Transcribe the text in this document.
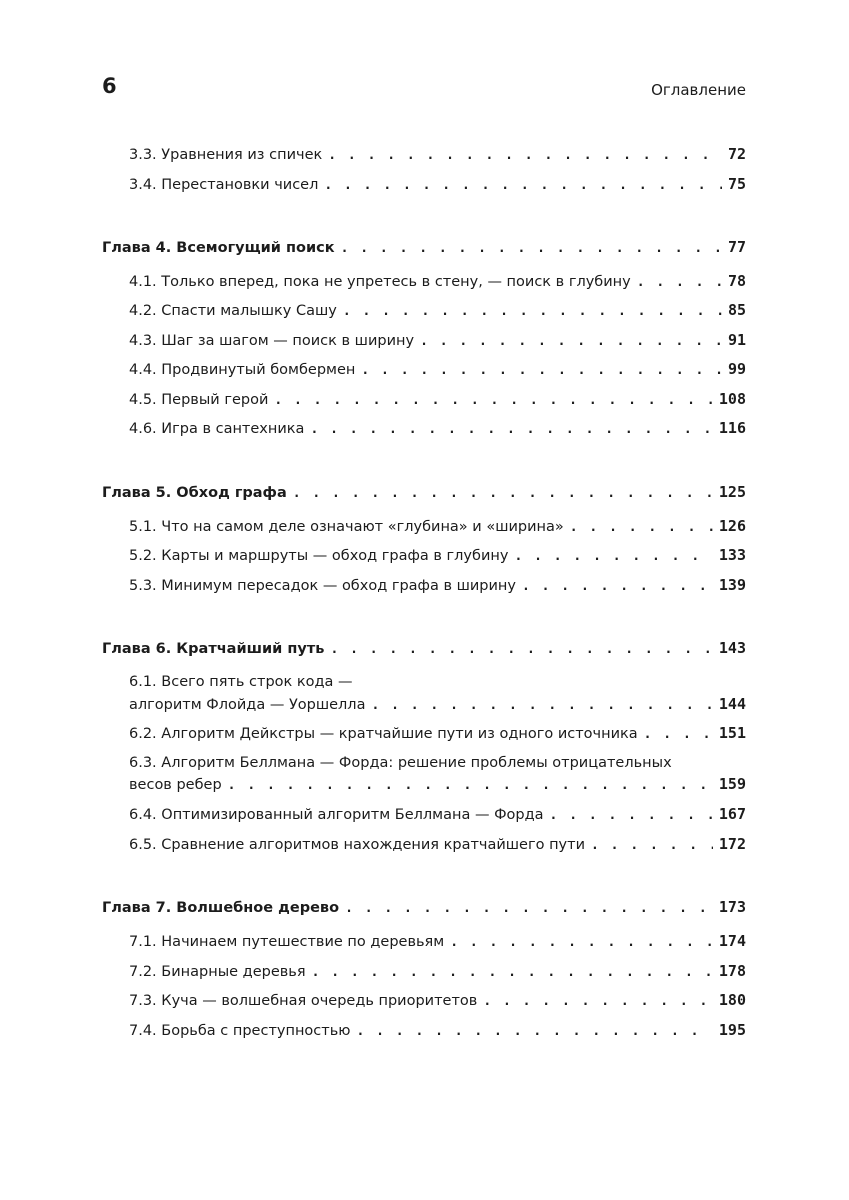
6	Оглавление
3.3. Уравнения из спичек . . .	72
3.4. Перестановки чисел . . .	75
Глава 4. Всемогущий поиск . . .	77
4.1. Только вперед, пока не упретесь в стену, — поиск в глубину . . .	78
4.2. Спасти малышку Сашу . . .	85
4.3. Шаг за шагом — поиск в ширину . . .	91
4.4. Продвинутый бомбермен . . .	99
4.5. Первый герой . . .	108
4.6. Игра в сантехника . . .	116
Глава 5. Обход графа . . .	125
5.1. Что на самом деле означают «глубина» и «ширина» . . .	126
5.2. Карты и маршруты — обход графа в глубину . . .	133
5.3. Минимум пересадок — обход графа в ширину . . .	139
Глава 6. Кратчайший путь . . .	143
6.1. Всего пять строк кода —
алгоритм Флойда — Уоршелла . . .	144
6.2. Алгоритм Дейкстры — кратчайшие пути из одного источника . . .	151
6.3. Алгоритм Беллмана — Форда: решение проблемы отрицательных
весов ребер . . .	159
6.4. Оптимизированный алгоритм Беллмана — Форда . . .	167
6.5. Сравнение алгоритмов нахождения кратчайшего пути . . .	172
Глава 7. Волшебное дерево . . .	173
7.1. Начинаем путешествие по деревьям . . .	174
7.2. Бинарные деревья . . .	178
7.3. Куча — волшебная очередь приоритетов . . .	180
7.4. Борьба с преступностью . . .	195
